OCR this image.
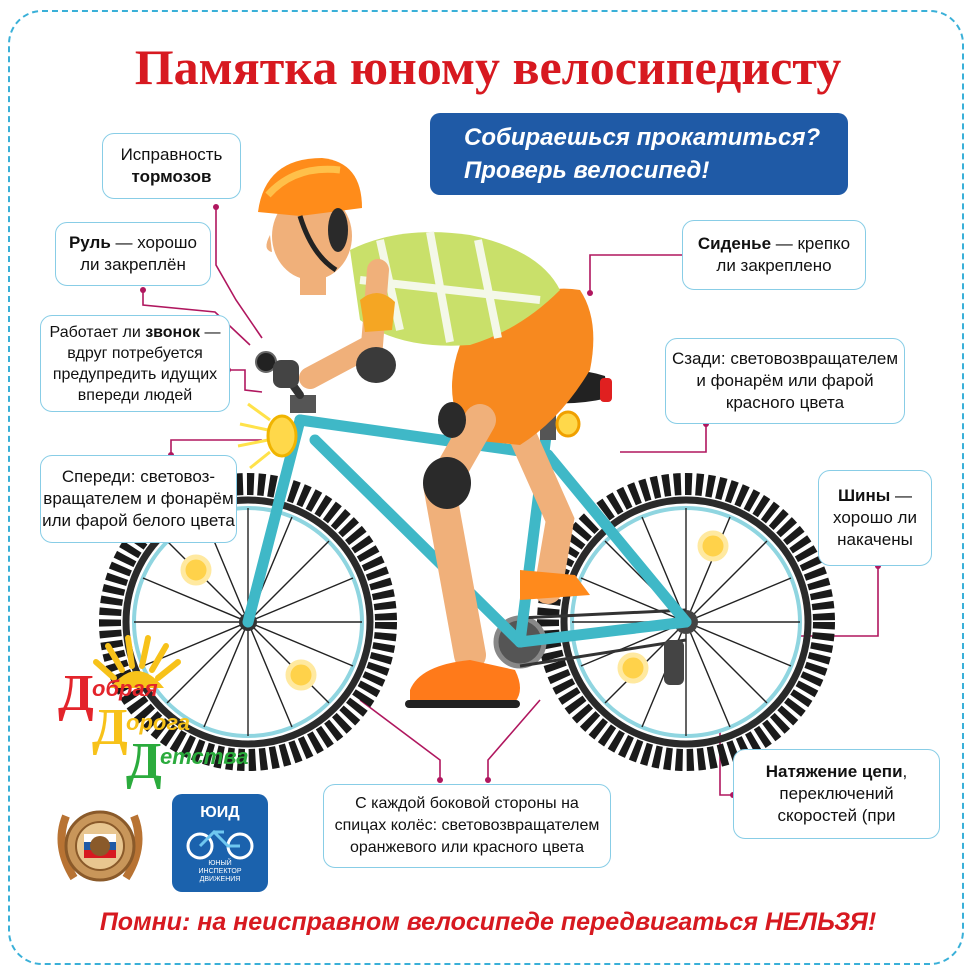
Памятка юному велосипедисту
Собираешься прокатиться?
Проверь велосипед!
Исправность
тормозов
Руль — хорошо
ли закреплён
Работает ли звонок —
вдруг потребуется
предупредить идущих
впереди людей
Спереди: световоз-
вращателем и фонарём
или фарой белого цвета
Сиденье — крепко
ли закреплено
Сзади: световозвращателем
и фонарём или фарой
красного цвета
Шины —
хорошо ли
накачены
Натяжение цепи,
переключений
скоростей (при
С каждой боковой стороны на
спицах колёс: световозвращателем
оранжевого или красного цвета
Д
обрая
Д
орога
Д
етства
ЮИД
ЮНЫЙ
ИНСПЕКТОР
ДВИЖЕНИЯ
Помни: на неисправном велосипеде передвигаться НЕЛЬЗЯ!
